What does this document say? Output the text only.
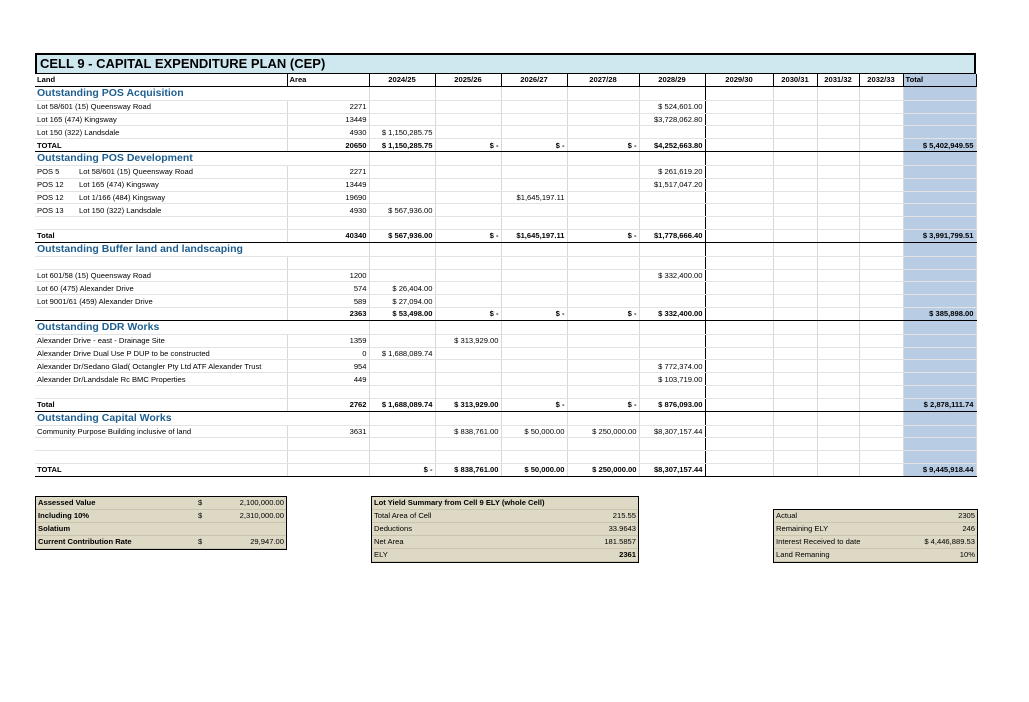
CELL 9 - CAPITAL EXPENDITURE PLAN (CEP)
Land	Area	2024/25	2025/26	2026/27	2027/28	2028/29	2029/30	2030/31	2031/32	2032/33	Total
Outstanding POS Acquisition											
Lot 58/601 (15) Queensway Road	2271					$ 524,601.00					
Lot 165 (474) Kingsway	13449					$3,728,062.80					
Lot 150 (322) Landsdale	4930	$ 1,150,285.75									
TOTAL	20650	$ 1,150,285.75	$ -	$ -	$ -	$4,252,663.80					$ 5,402,949.55
Outstanding POS Development											
POS 5 Lot 58/601 (15) Queensway Road	2271					$ 261,619.20					
POS 12 Lot 165 (474) Kingsway	13449					$1,517,047.20					
POS 12 Lot 1/166 (484) Kingsway	19690			$1,645,197.11							
POS 13 Lot 150 (322) Landsdale	4930	$ 567,936.00									

Total	40340	$ 567,936.00	$ -	$1,645,197.11	$ -	$1,778,666.40					$ 3,991,799.51
Outstanding Buffer land and landscaping											

Lot 601/58 (15) Queensway Road	1200					$ 332,400.00					
Lot 60 (475) Alexander Drive	574	$ 26,404.00									
Lot 9001/61 (459) Alexander Drive	589	$ 27,094.00									
	2363	$ 53,498.00	$ -	$ -	$ -	$ 332,400.00					$ 385,898.00
Outstanding DDR Works											
Alexander Drive - east - Drainage Site	1359		$ 313,929.00								
Alexander Drive Dual Use P DUP to be constructed	0	$ 1,688,089.74									
Alexander Dr/Sedano Glad( Octangler Pty Ltd ATF Alexander Trust	954					$ 772,374.00					
Alexander Dr/Landsdale Rc BMC Properties	449					$ 103,719.00					

Total	2762	$ 1,688,089.74	$ 313,929.00	$ -	$ -	$ 876,093.00					$ 2,878,111.74
Outstanding Capital Works											
Community Purpose Building inclusive of land	3631		$ 838,761.00	$ 50,000.00	$ 250,000.00	$8,307,157.44					

TOTAL		$ -	$ 838,761.00	$ 50,000.00	$ 250,000.00	$8,307,157.44					$ 9,445,918.44
Assessed Value	$	2,100,000.00
Including 10%	$	2,310,000.00
Solatium		
Current Contribution Rate	$	29,947.00
Lot Yield Summary from Cell 9 ELY (whole Cell)	
Total Area of Cell	215.55
Deductions	33.9643
Net Area	181.5857
ELY	2361
Actual	2305
Remaining ELY	246
Interest Received to date	$ 4,446,889.53
Land Remaning	10%
